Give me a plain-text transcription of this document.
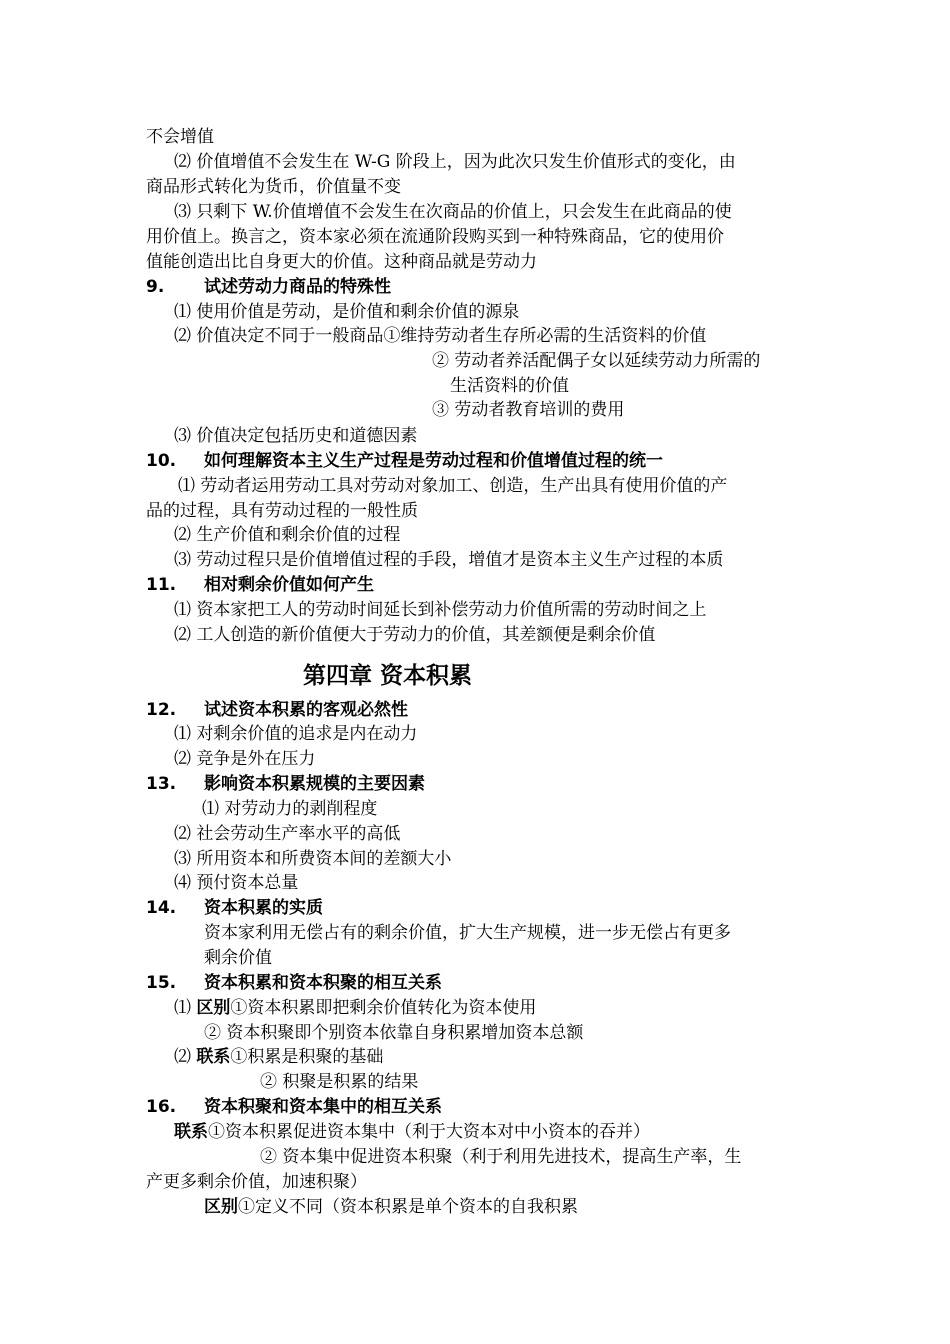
不会增值
⑵ 价值增值不会发生在 W-G 阶段上，因为此次只发生价值形式的变化，由
商品形式转化为货币，价值量不变
⑶ 只剩下 W.价值增值不会发生在次商品的价值上，只会发生在此商品的使
用价值上。换言之，资本家必须在流通阶段购买到一种特殊商品，它的使用价
值能创造出比自身更大的价值。这种商品就是劳动力
9. 试述劳动力商品的特殊性
⑴ 使用价值是劳动，是价值和剩余价值的源泉
⑵ 价值决定不同于一般商品①维持劳动者生存所必需的生活资料的价值
② 劳动者养活配偶子女以延续劳动力所需的
生活资料的价值
③ 劳动者教育培训的费用
⑶ 价值决定包括历史和道德因素
10. 如何理解资本主义生产过程是劳动过程和价值增值过程的统一
⑴ 劳动者运用劳动工具对劳动对象加工、创造，生产出具有使用价值的产
品的过程，具有劳动过程的一般性质
⑵ 生产价值和剩余价值的过程
⑶ 劳动过程只是价值增值过程的手段，增值才是资本主义生产过程的本质
11. 相对剩余价值如何产生
⑴ 资本家把工人的劳动时间延长到补偿劳动力价值所需的劳动时间之上
⑵ 工人创造的新价值便大于劳动力的价值，其差额便是剩余价值
第四章 资本积累
12. 试述资本积累的客观必然性
⑴ 对剩余价值的追求是内在动力
⑵ 竞争是外在压力
13. 影响资本积累规模的主要因素
⑴ 对劳动力的剥削程度
⑵ 社会劳动生产率水平的高低
⑶ 所用资本和所费资本间的差额大小
⑷ 预付资本总量
14. 资本积累的实质
资本家利用无偿占有的剩余价值，扩大生产规模，进一步无偿占有更多
剩余价值
15. 资本积累和资本积聚的相互关系
⑴ 区别①资本积累即把剩余价值转化为资本使用
② 资本积聚即个别资本依靠自身积累增加资本总额
⑵ 联系①积累是积聚的基础
② 积聚是积累的结果
16. 资本积聚和资本集中的相互关系
联系①资本积累促进资本集中（利于大资本对中小资本的吞并）
② 资本集中促进资本积聚（利于利用先进技术，提高生产率，生
产更多剩余价值，加速积聚）
区别①定义不同（资本积累是单个资本的自我积累
